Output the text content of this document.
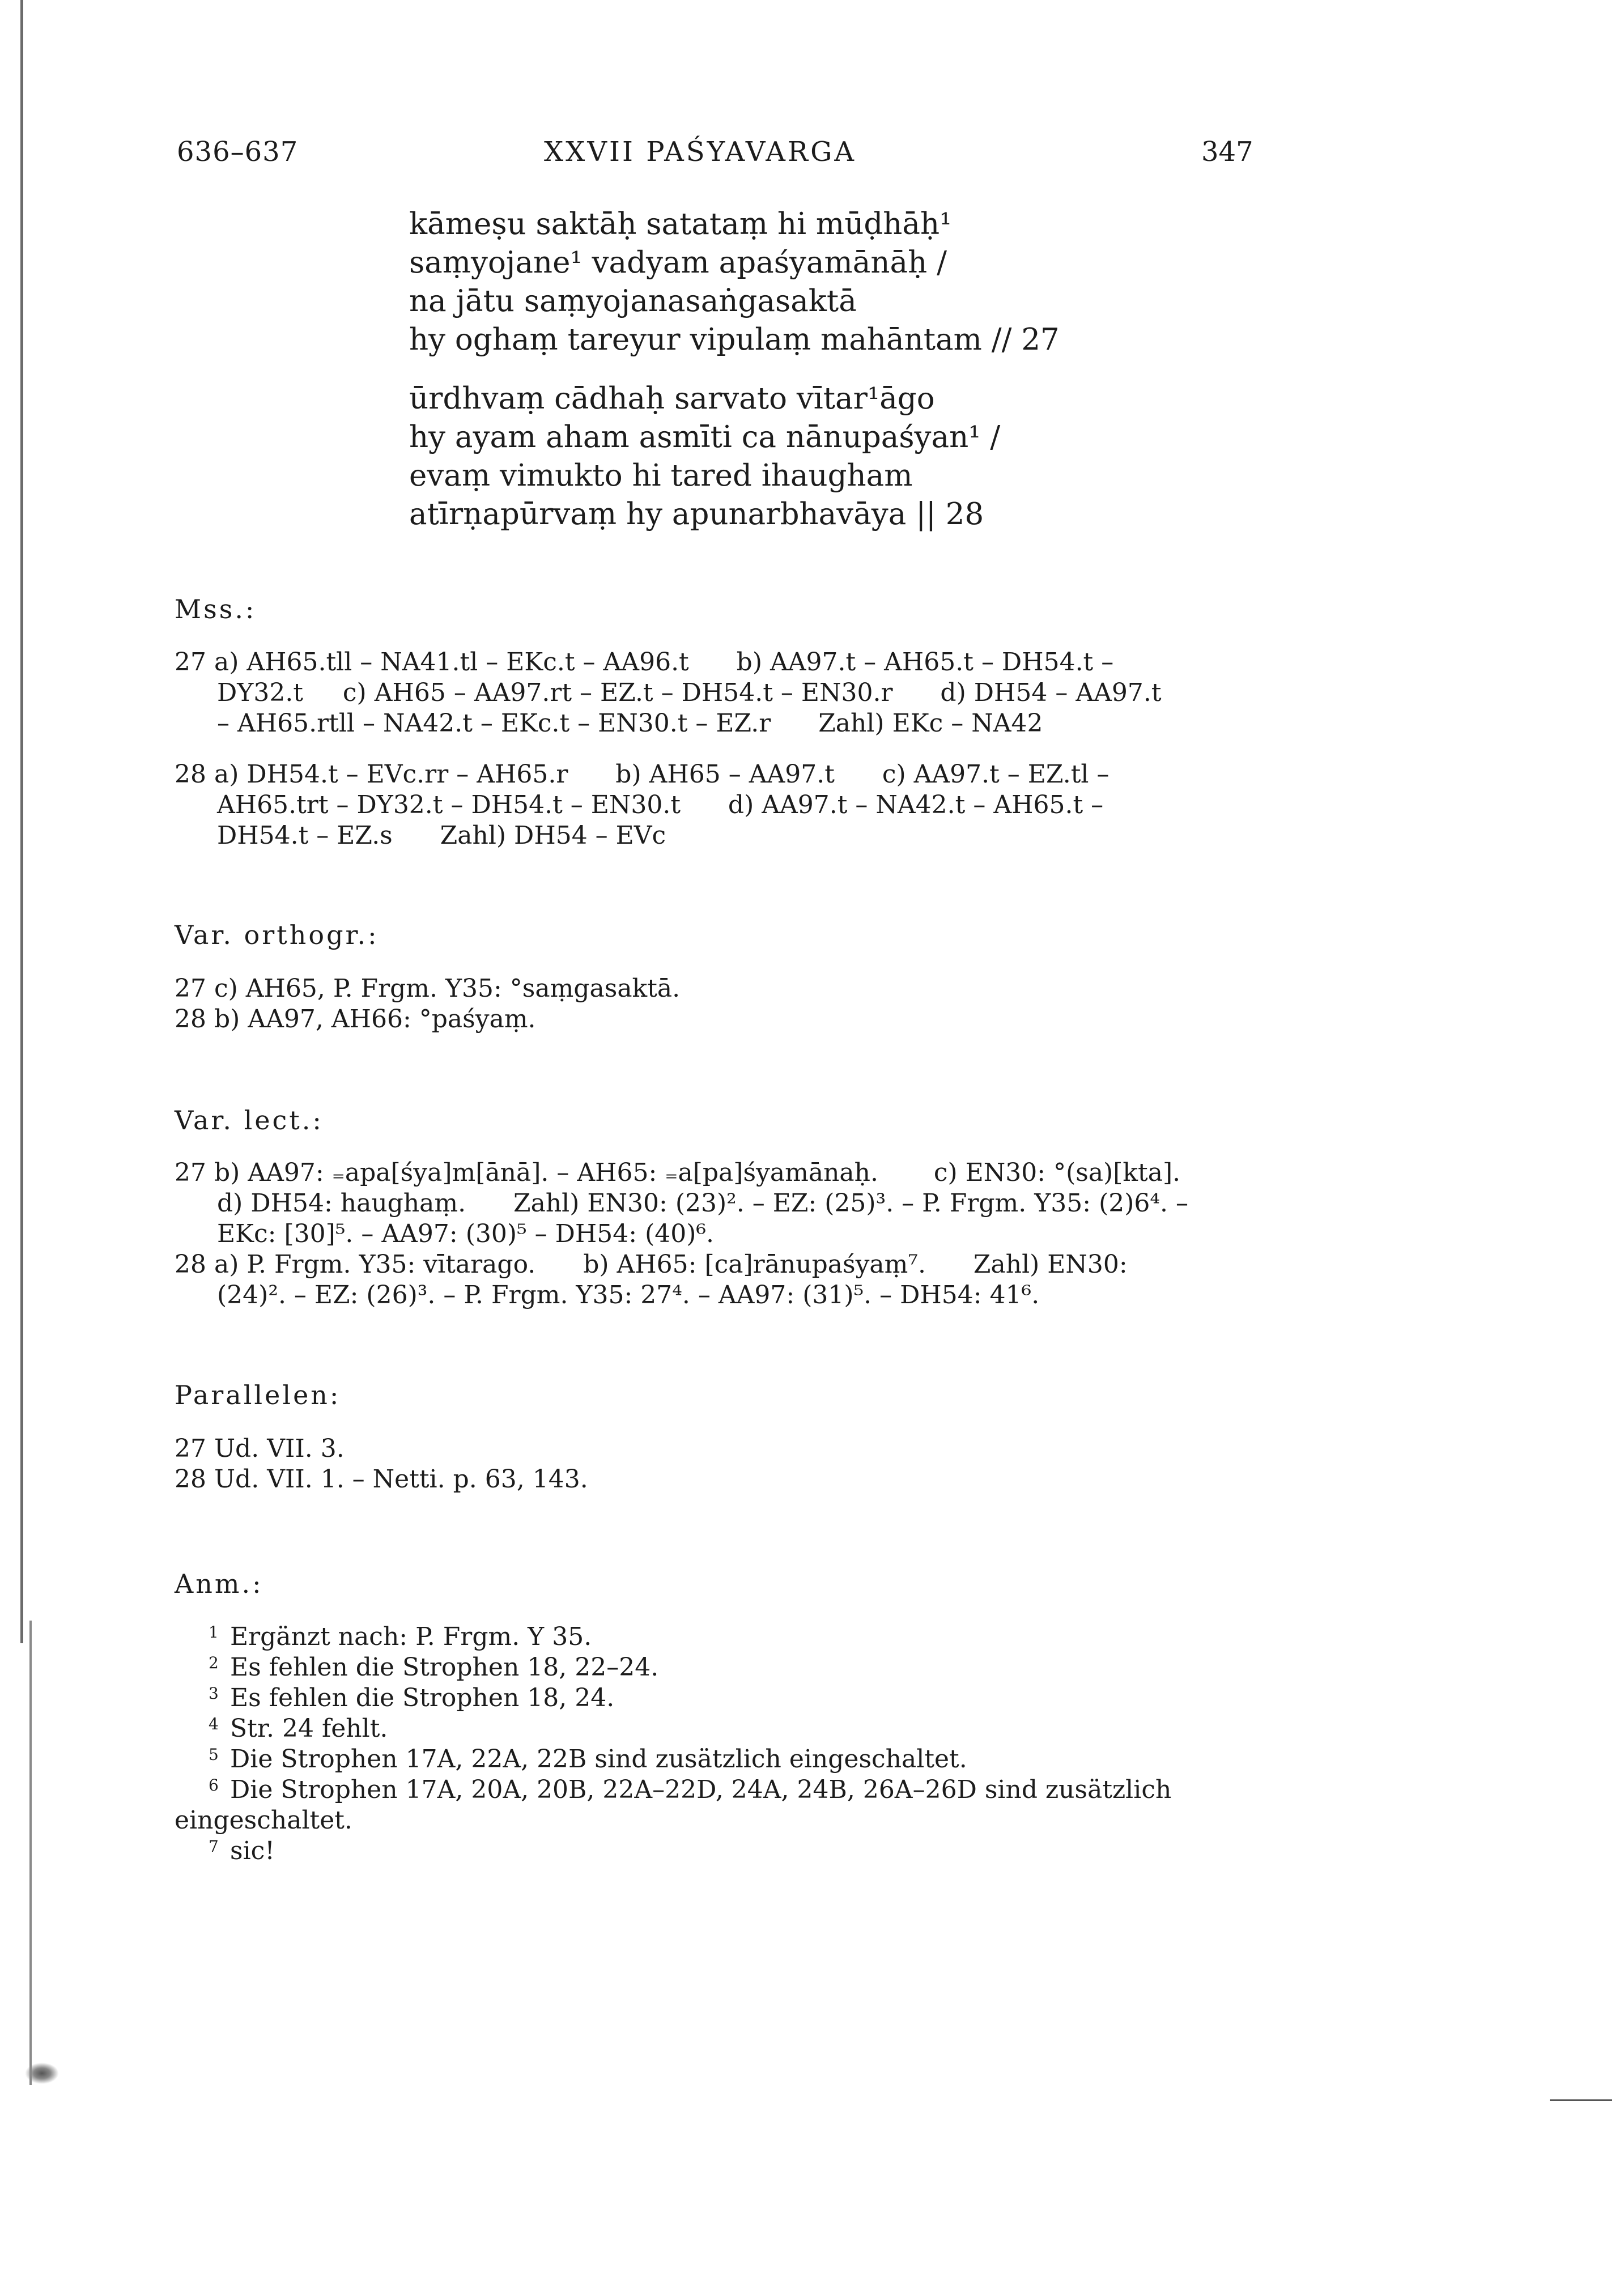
636–637	XXVII PAŚYAVARGA	347
kāmeṣu saktāḥ satataṃ hi mūḍhāḥ¹
saṃyojane¹ vadyam apaśyamānāḥ /
na jātu saṃyojanasaṅgasaktā
hy oghaṃ tareyur vipulaṃ mahāntam // 27
ūrdhvaṃ cādhaḥ sarvato vītar¹āgo
hy ayam aham asmīti ca nānupaśyan¹ /
evaṃ vimukto hi tared ihaugham
atīrṇapūrvaṃ hy apunarbhavāya || 28
Mss.:
27 a) AH65.tll – NA41.tl – EKc.t – AA96.t      b) AA97.t – AH65.t – DH54.t –
DY32.t     c) AH65 – AA97.rt – EZ.t – DH54.t – EN30.r      d) DH54 – AA97.t
– AH65.rtll – NA42.t – EKc.t – EN30.t – EZ.r      Zahl) EKc – NA42
28 a) DH54.t – EVc.rr – AH65.r      b) AH65 – AA97.t      c) AA97.t – EZ.tl –
AH65.trt – DY32.t – DH54.t – EN30.t      d) AA97.t – NA42.t – AH65.t –
DH54.t – EZ.s      Zahl) DH54 – EVc
Var. orthogr.:
27 c) AH65, P. Frgm. Y35: °saṃgasaktā.
28 b) AA97, AH66: °paśyaṃ.
Var. lect.:
27 b) AA97: ₌apa[śya]m[ānā]. – AH65: ₌a[pa]śyamānaḥ.       c) EN30: °(sa)[kta].
d) DH54: haughaṃ.      Zahl) EN30: (23)². – EZ: (25)³. – P. Frgm. Y35: (2)6⁴. –
EKc: [30]⁵. – AA97: (30)⁵ – DH54: (40)⁶.
28 a) P. Frgm. Y35: vītarago.      b) AH65: [ca]rānupaśyaṃ⁷.      Zahl) EN30:
(24)². – EZ: (26)³. – P. Frgm. Y35: 27⁴. – AA97: (31)⁵. – DH54: 41⁶.
Parallelen:
27 Ud. VII. 3.
28 Ud. VII. 1. – Netti. p. 63, 143.
Anm.:
1 Ergänzt nach: P. Frgm. Y 35.
2 Es fehlen die Strophen 18, 22–24.
3 Es fehlen die Strophen 18, 24.
4 Str. 24 fehlt.
5 Die Strophen 17A, 22A, 22B sind zusätzlich eingeschaltet.
6 Die Strophen 17A, 20A, 20B, 22A–22D, 24A, 24B, 26A–26D sind zusätzlich
eingeschaltet.
7 sic!
